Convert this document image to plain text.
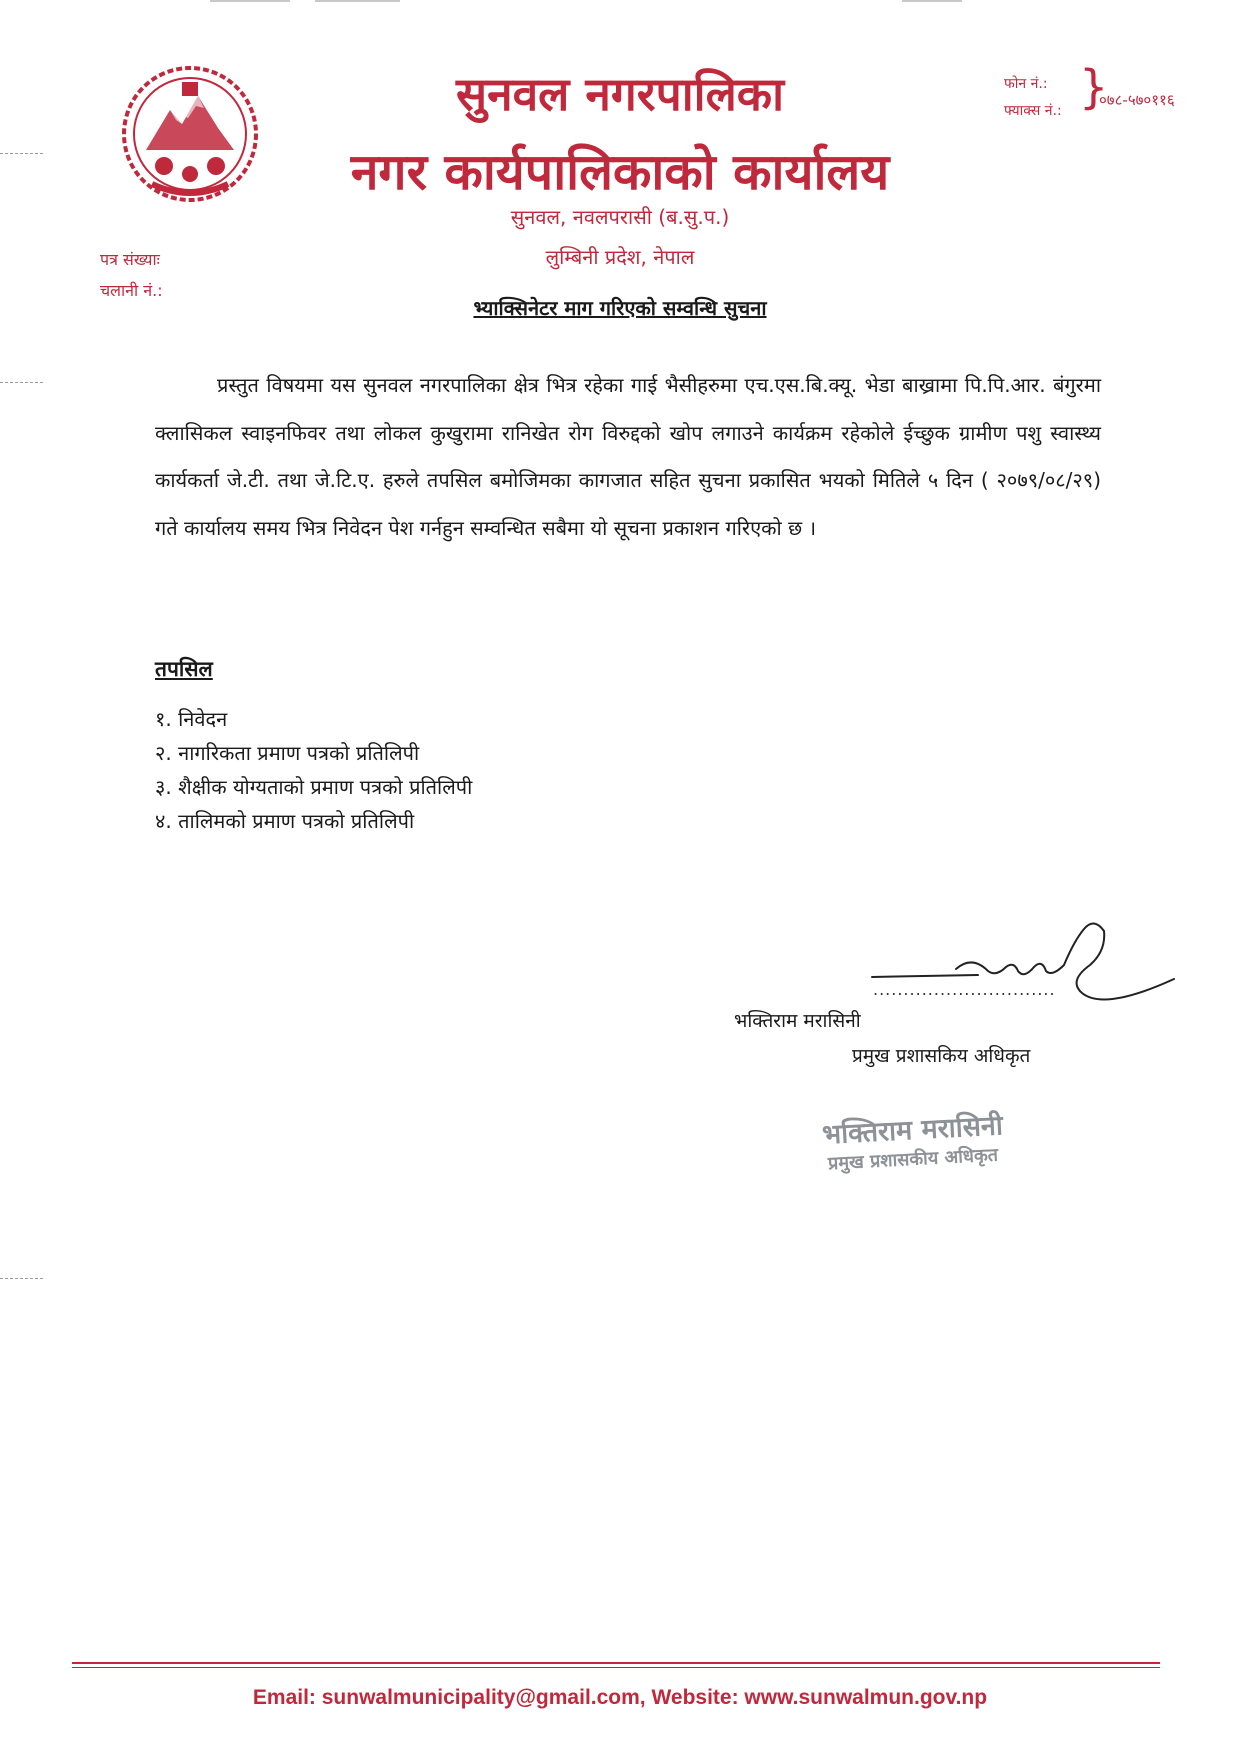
सुनवल नगरपालिका
नगर कार्यपालिकाको कार्यालय
सुनवल, नवलपरासी (ब.सु.प.)
लुम्बिनी प्रदेश, नेपाल
फोन नं.:
फ्याक्स नं.: }
०७८-५७०११६
पत्र संख्याः
चलानी नं.:
भ्याक्सिनेटर माग गरिएको सम्वन्धि सुचना
प्रस्तुत विषयमा यस सुनवल नगरपालिका क्षेत्र भित्र रहेका गाई भैसीहरुमा एच.एस.बि.क्यू. भेडा बाख्रामा पि.पि.आर. बंगुरमा क्लासिकल स्वाइनफिवर तथा लोकल कुखुरामा रानिखेत रोग विरुद्दको खोप लगाउने कार्यक्रम रहेकोले ईच्छुक ग्रामीण पशु स्वास्थ्य कार्यकर्ता जे.टी. तथा जे.टि.ए. हरुले तपसिल बमोजिमका कागजात सहित सुचना प्रकासित भयको मितिले ५ दिन ( २०७९/०८/२९) गते कार्यालय समय भित्र निवेदन पेश गर्नहुन सम्वन्धित सबैमा यो सूचना प्रकाशन गरिएको छ ।
तपसिल
१. निवेदन
२. नागरिकता प्रमाण पत्रको प्रतिलिपी
३. शैक्षीक योग्यताको प्रमाण पत्रको प्रतिलिपी
४. तालिमको प्रमाण पत्रको प्रतिलिपी
..............................
भक्तिराम मरासिनी
प्रमुख प्रशासकिय अधिकृत
भक्तिराम मरासिनी
प्रमुख प्रशासकीय अधिकृत
Email: sunwalmunicipality@gmail.com, Website: www.sunwalmun.gov.np
